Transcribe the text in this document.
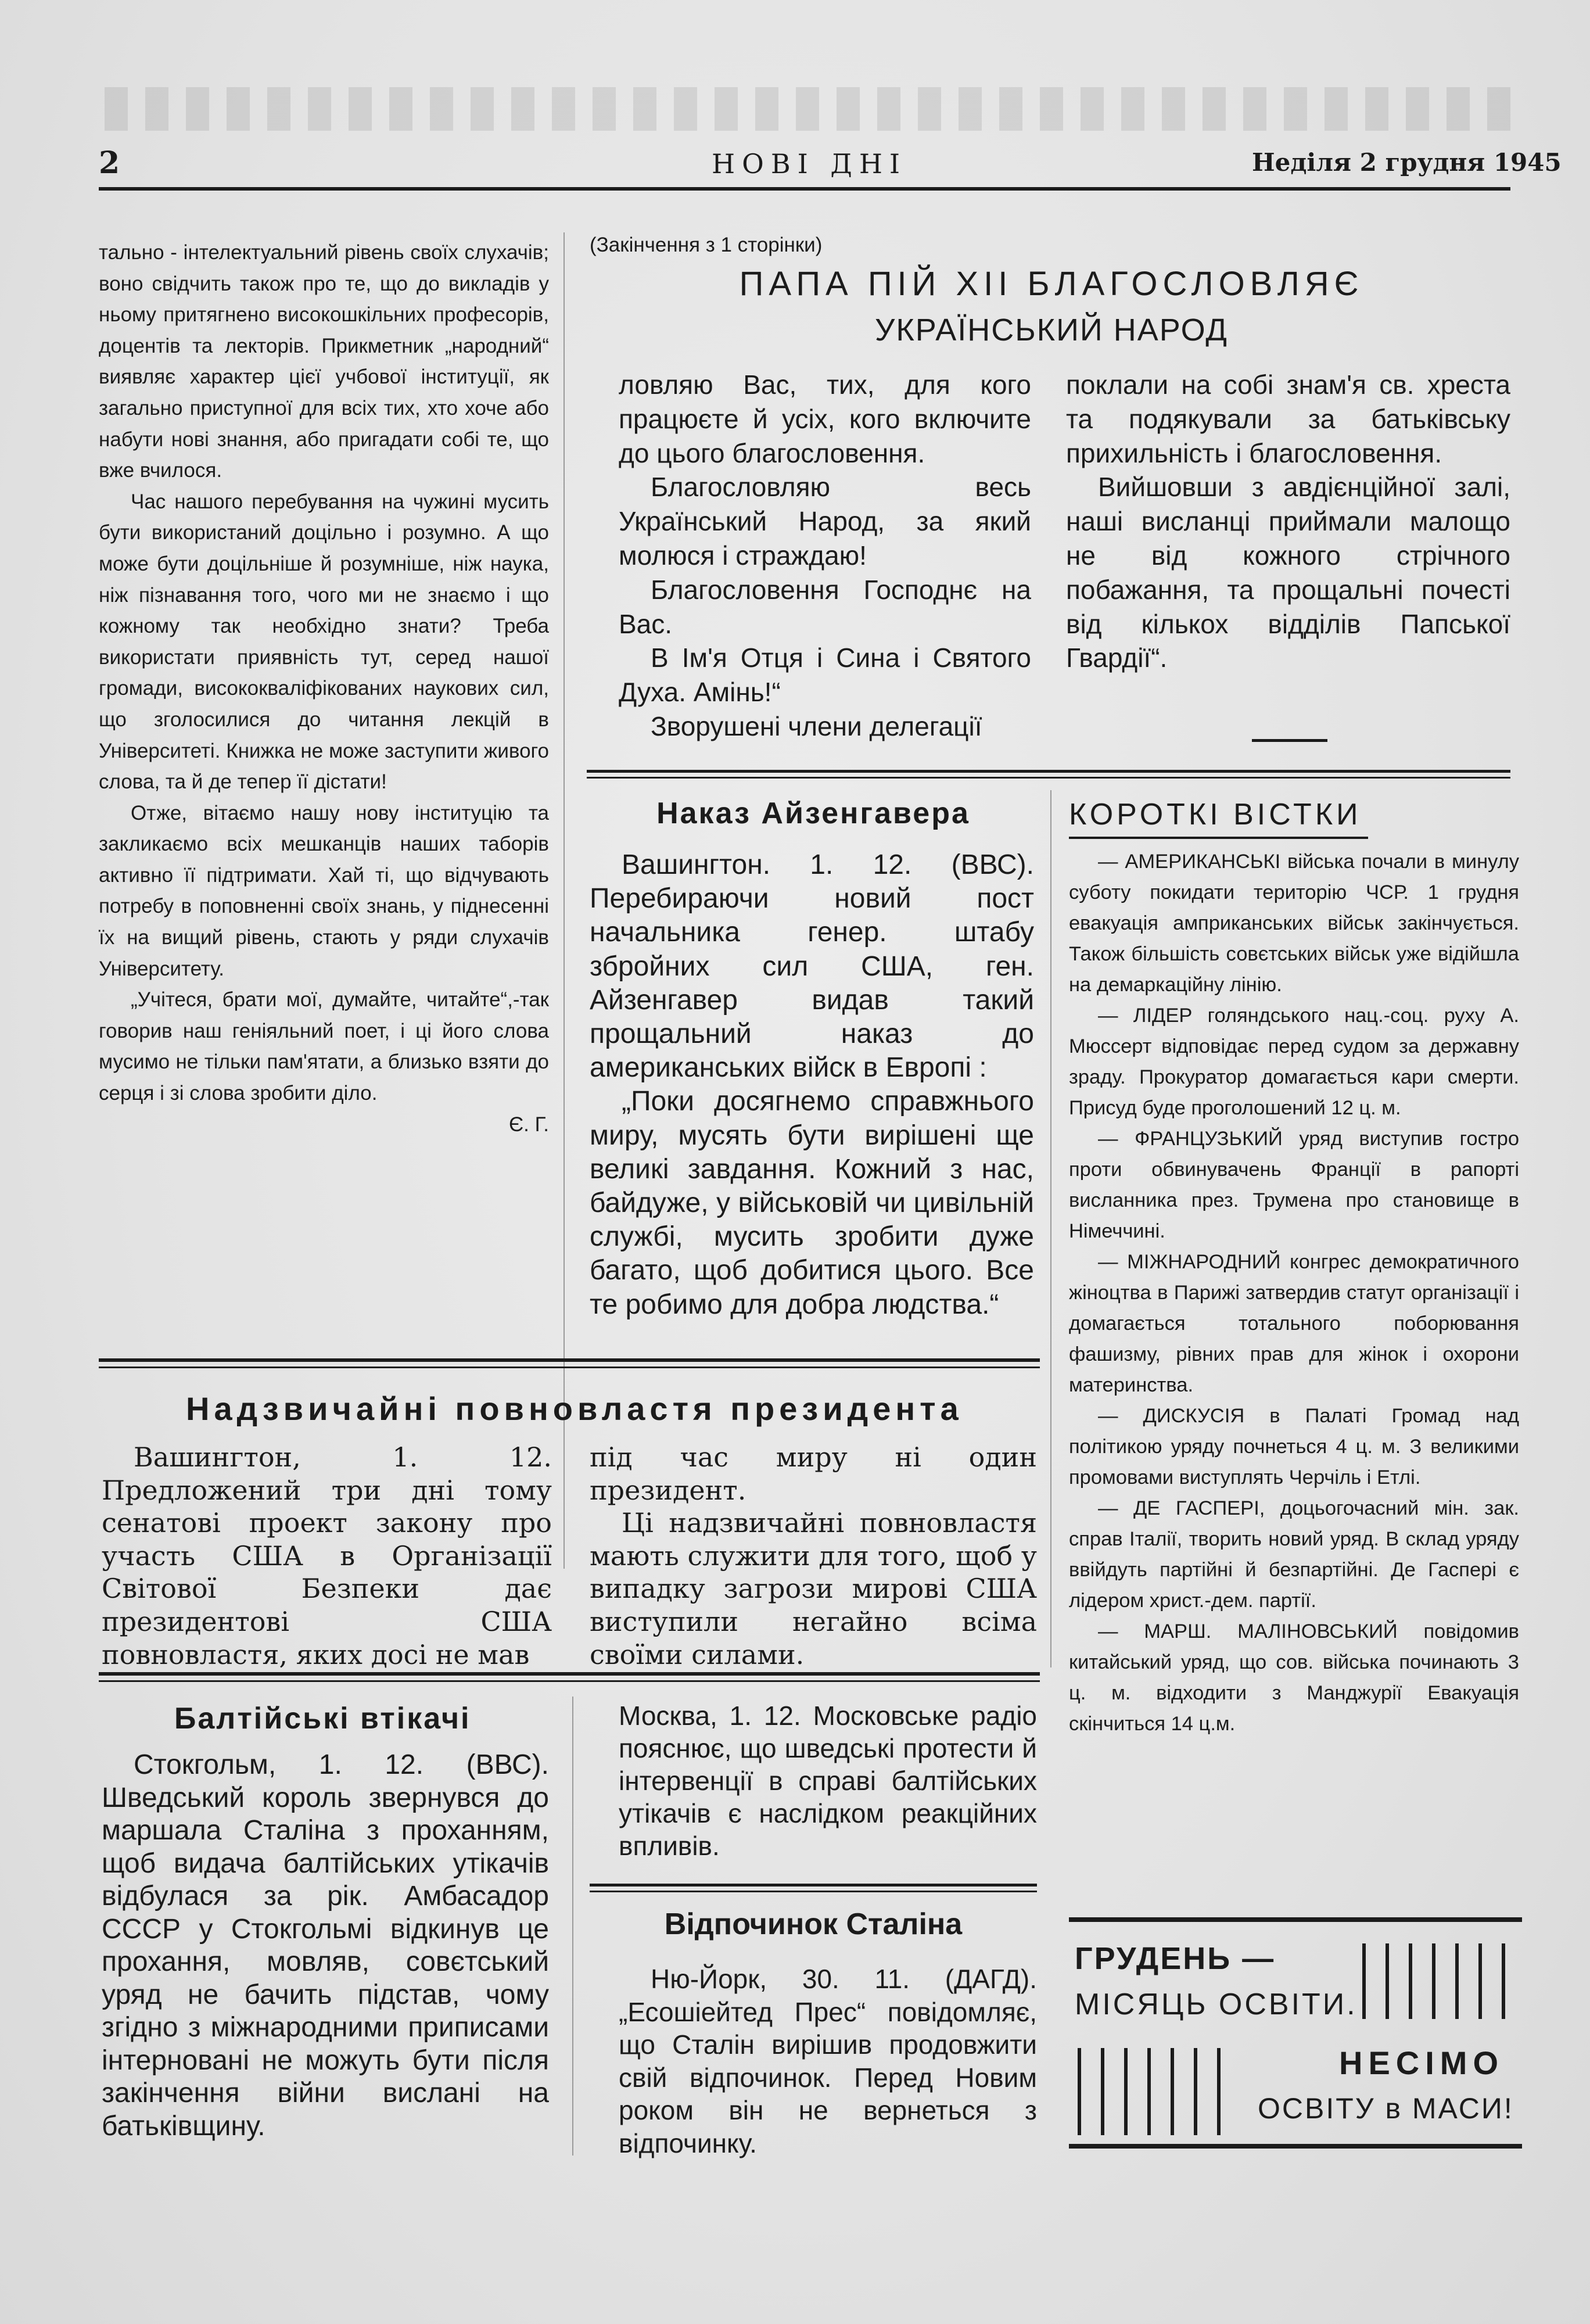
2	НОВІ ДНІ	Неділя 2 грудня 1945

тально - інтелектуальний рівень своїх слухачів; воно свідчить також про те, що до викладів у ньому притягнено високошкільних професорів, доцентів та лекторів. Прикметник „народний“ виявляє характер цієї учбової інституції, як загально приступної для всіх тих, хто хоче або набути нові знання, або пригадати собі те, що вже вчилося.

Час нашого перебування на чужині мусить бути використаний доцільно і розумно. А що може бути доцільніше й розумніше, ніж наука, ніж пізнавання того, чого ми не знаємо і що кожному так необхідно знати? Треба використати приявність тут, серед нашої громади, висококваліфікованих наукових сил, що зголосилися до читання лекцій в Університеті. Книжка не може заступити живого слова, та й де тепер її дістати!

Отже, вітаємо нашу нову інституцію та закликаємо всіх мешканців наших таборів активно її підтримати. Хай ті, що відчувають потребу в поповненні своїх знань, у піднесенні їх на вищий рівень, стають у ряди слухачів Університету.

„Учітеся, брати мої, думайте, читайте“,-так говорив наш геніяльний поет, і ці його слова мусимо не тільки пам'ятати, а близько взяти до серця і зі слова зробити діло.

Є. Г.

(Закінчення з 1 сторінки)
ПАПА ПІЙ XII БЛАГОСЛОВЛЯЄ
УКРАЇНСЬКИЙ НАРОД

ловляю Вас, тих, для кого працюєте й усіх, кого включите до цього благословення.

Благословляю весь Український Народ, за який молюся і страждаю!

Благословення Господнє на Вас.

В Ім'я Отця і Сина і Святого Духа. Амінь!“

Зворушені члени делегації

поклали на собі знам'я св. хреста та подякували за батьківську прихильність і благословення.

Вийшовши з авдієнційної залі, наші висланці приймали малощо не від кожного стрічного побажання, та прощальні почесті від кількох відділів Папської Гвардії“.

Наказ Айзенгавера

Вашингтон. 1. 12. (ВВС). Перебираючи новий пост начальника генер. штабу збройних сил США, ген. Айзенгавер видав такий прощальний наказ до американських війск в Европі :

„Поки досягнемо справжнього миру, мусять бути вирішені ще великі завдання. Кожний з нас, байдуже, у військовій чи цивільній службі, мусить зробити дуже багато, щоб добитися цього. Все те робимо для добра людства.“

КОРОТКІ ВІСТКИ

— АМЕРИКАНСЬКІ війська почали в минулу суботу покидати територію ЧСР. 1 грудня евакуація амприканських військ закінчується. Також більшість совєтських військ уже відійшла на демаркаційну лінію.

— ЛІДЕР голяндського нац.-соц. руху А. Мюссерт відповідає перед судом за державну зраду. Прокуратор домагається кари смерти. Присуд буде проголошений 12 ц. м.

— ФРАНЦУЗЬКИЙ уряд виступив гостро проти обвинувачень Франції в рапорті висланника през. Трумена про становище в Німеччині.

— МІЖНАРОДНИЙ конгрес демократичного жіноцтва в Парижі затвердив статут організації і домагається тотального поборювання фашизму, рівних прав для жінок і охорони материнства.

— ДИСКУСІЯ в Палаті Громад над політикою уряду почнеться 4 ц. м. З великими промовами виступлять Черчіль і Етлі.

— ДЕ ГАСПЕРІ, доцьогочасний мін. зак. справ Італії, творить новий уряд. В склад уряду ввійдуть партійні й безпартійні. Де Гаспері є лідером христ.-дем. партії.

— МАРШ. МАЛІНОВСЬКИЙ повідомив китайський уряд, що сов. війська починають 3 ц. м. відходити з Манджурії Евакуація скінчиться 14 ц.м.

Надзвичайні повновластя президента

Вашингтон, 1. 12. Предложений три дні тому сенатові проект закону про участь США в Організації Світової Безпеки дає президентові США повновластя, яких досі не мав

під час миру ні один президент.

Ці надзвичайні повновластя мають служити для того, щоб у випадку загрози мирові США виступили негайно всіма своїми силами.

Балтійські втікачі

Стокгольм, 1. 12. (ВВС). Шведський король звернувся до маршала Сталіна з проханням, щоб видача балтійських утікачів відбулася за рік. Амбасадор СССР у Стокгольмі відкинув це прохання, мовляв, совєтський уряд не бачить підстав, чому згідно з міжнародними приписами інтерновані не можуть бути після закінчення війни вислані на батьківщину.

Москва, 1. 12. Московське радіо пояснює, що шведські протести й інтервенції в справі балтійських утікачів є наслідком реакційних впливів.

Відпочинок Сталіна

Ню-Йорк, 30. 11. (ДАГД). „Есошіейтед Прес“ повідомляє, що Сталін вирішив продовжити свій відпочинок. Перед Новим роком він не вернеться з відпочинку.

ГРУДЕНЬ —
МІСЯЦЬ ОСВІТИ.
НЕСІМО
ОСВІТУ в МАСИ!
